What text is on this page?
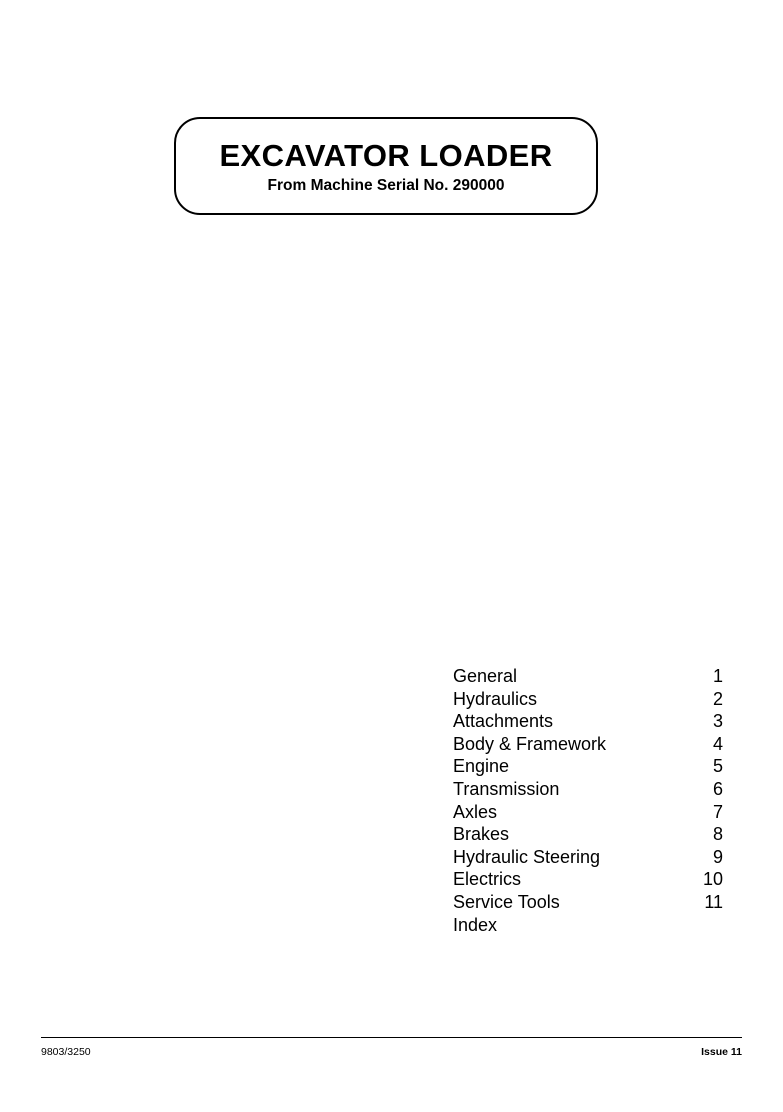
EXCAVATOR LOADER
From Machine Serial No. 290000
General	1
Hydraulics	2
Attachments	3
Body & Framework	4
Engine	5
Transmission	6
Axles	7
Brakes	8
Hydraulic Steering	9
Electrics	10
Service Tools	11
Index
9803/3250	Issue 11
